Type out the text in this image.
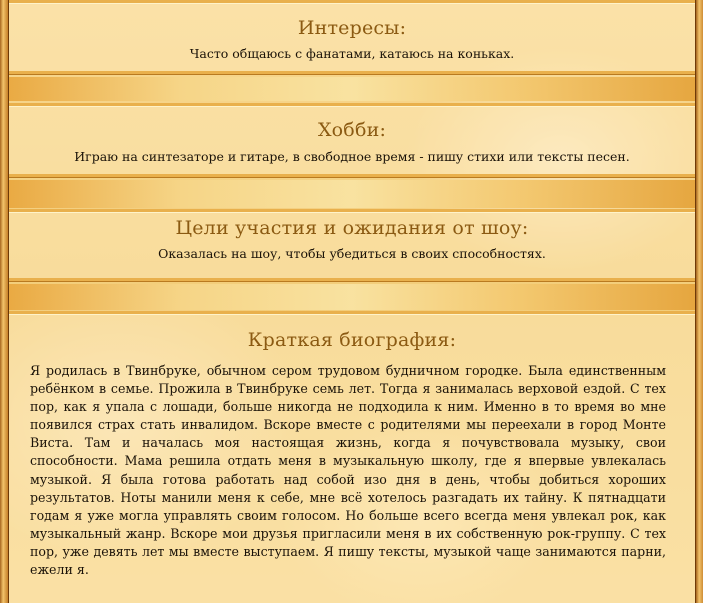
Интересы:

Часто общаюсь с фанатами, катаюсь на коньках.

Хобби:

Играю на синтезаторе и гитаре, в свободное время - пишу стихи или тексты песен.

Цели участия и ожидания от шоу:

Оказалась на шоу, чтобы убедиться в своих способностях.

Краткая биография:

Я родилась в Твинбруке, обычном сером трудовом будничном городке. Была единственным ребёнком в семье. Прожила в Твинбруке семь лет. Тогда я занималась верховой ездой. С тех пор, как я упала с лошади, больше никогда не подходила к ним. Именно в то время во мне появился страх стать инвалидом. Вскоре вместе с родителями мы переехали в город Монте Виста. Там и началась моя настоящая жизнь, когда я почувствовала музыку, свои способности. Мама решила отдать меня в музыкальную школу, где я впервые увлекалась музыкой. Я была готова работать над собой изо дня в день, чтобы добиться хороших результатов. Ноты манили меня к себе, мне всё хотелось разгадать их тайну. К пятнадцати годам я уже могла управлять своим голосом. Но больше всего всегда меня увлекал рок, как музыкальный жанр. Вскоре мои друзья пригласили меня в их собственную рок-группу. С тех пор, уже девять лет мы вместе выступаем. Я пишу тексты, музыкой чаще занимаются парни, ежели я.
